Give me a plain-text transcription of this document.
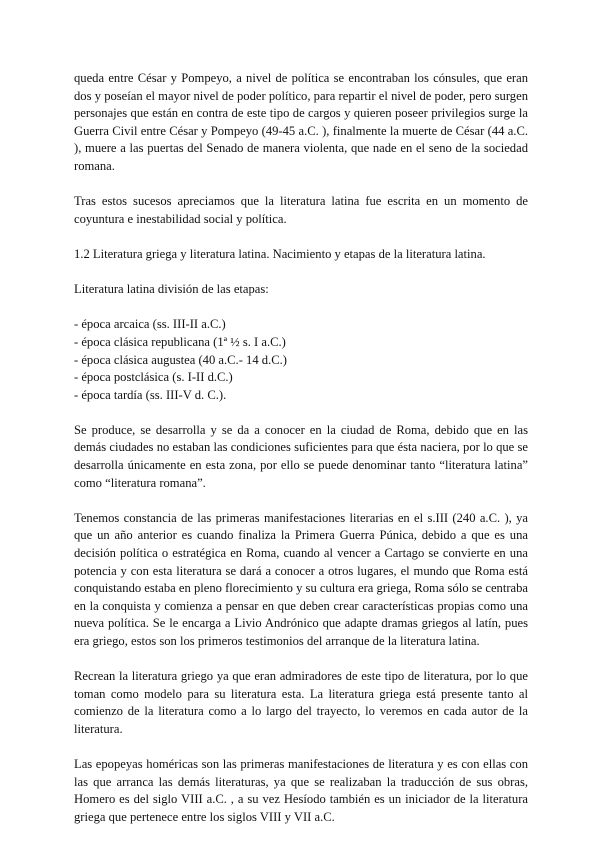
queda entre César y Pompeyo, a nivel de política se encontraban los cónsules, que eran dos y poseían el mayor nivel de poder político, para repartir el nivel de poder, pero surgen personajes que están en contra de este tipo de cargos y quieren poseer privilegios surge la Guerra Civil entre César y Pompeyo (49-45 a.C. ), finalmente la muerte de César (44 a.C. ), muere a las puertas del Senado de manera violenta, que nade en el seno de la sociedad romana.

Tras estos sucesos apreciamos que la literatura latina fue escrita en un momento de coyuntura e inestabilidad social y política.

1.2 Literatura griega y literatura latina. Nacimiento y etapas de la literatura latina.

Literatura latina división de las etapas:

- época arcaica (ss. III-II a.C.)
- época clásica republicana (1ª ½ s. I a.C.)
- época clásica augustea (40 a.C.- 14 d.C.)
- época postclásica (s. I-II d.C.)
- época tardía (ss. III-V d. C.).

Se produce, se desarrolla y se da a conocer en la ciudad de Roma, debido que en las demás ciudades no estaban las condiciones suficientes para que ésta naciera, por lo que se desarrolla únicamente en esta zona, por ello se puede denominar tanto “literatura latina” como “literatura romana”.

Tenemos constancia de las primeras manifestaciones literarias en el s.III (240 a.C. ), ya que un año anterior es cuando finaliza la Primera Guerra Púnica, debido a que es una decisión política o estratégica en Roma, cuando al vencer a Cartago se convierte en una potencia y con esta literatura se dará a conocer a otros lugares, el mundo que Roma está conquistando estaba en pleno florecimiento y su cultura era griega, Roma sólo se centraba en la conquista y comienza a pensar en que deben crear características propias como una nueva política. Se le encarga a Livio Andrónico que adapte dramas griegos al latín, pues era griego, estos son los primeros testimonios del arranque de la literatura latina.

Recrean la literatura griego ya que eran admiradores de este tipo de literatura, por lo que toman como modelo para su literatura esta. La literatura griega está presente tanto al comienzo de la literatura como a lo largo del trayecto, lo veremos en cada autor de la literatura.

Las epopeyas homéricas son las primeras manifestaciones de literatura y es con ellas con las que arranca las demás literaturas, ya que se realizaban la traducción de sus obras, Homero es del siglo VIII a.C. , a su vez Hesíodo también es un iniciador de la literatura griega que pertenece entre los siglos VIII y VII a.C.
